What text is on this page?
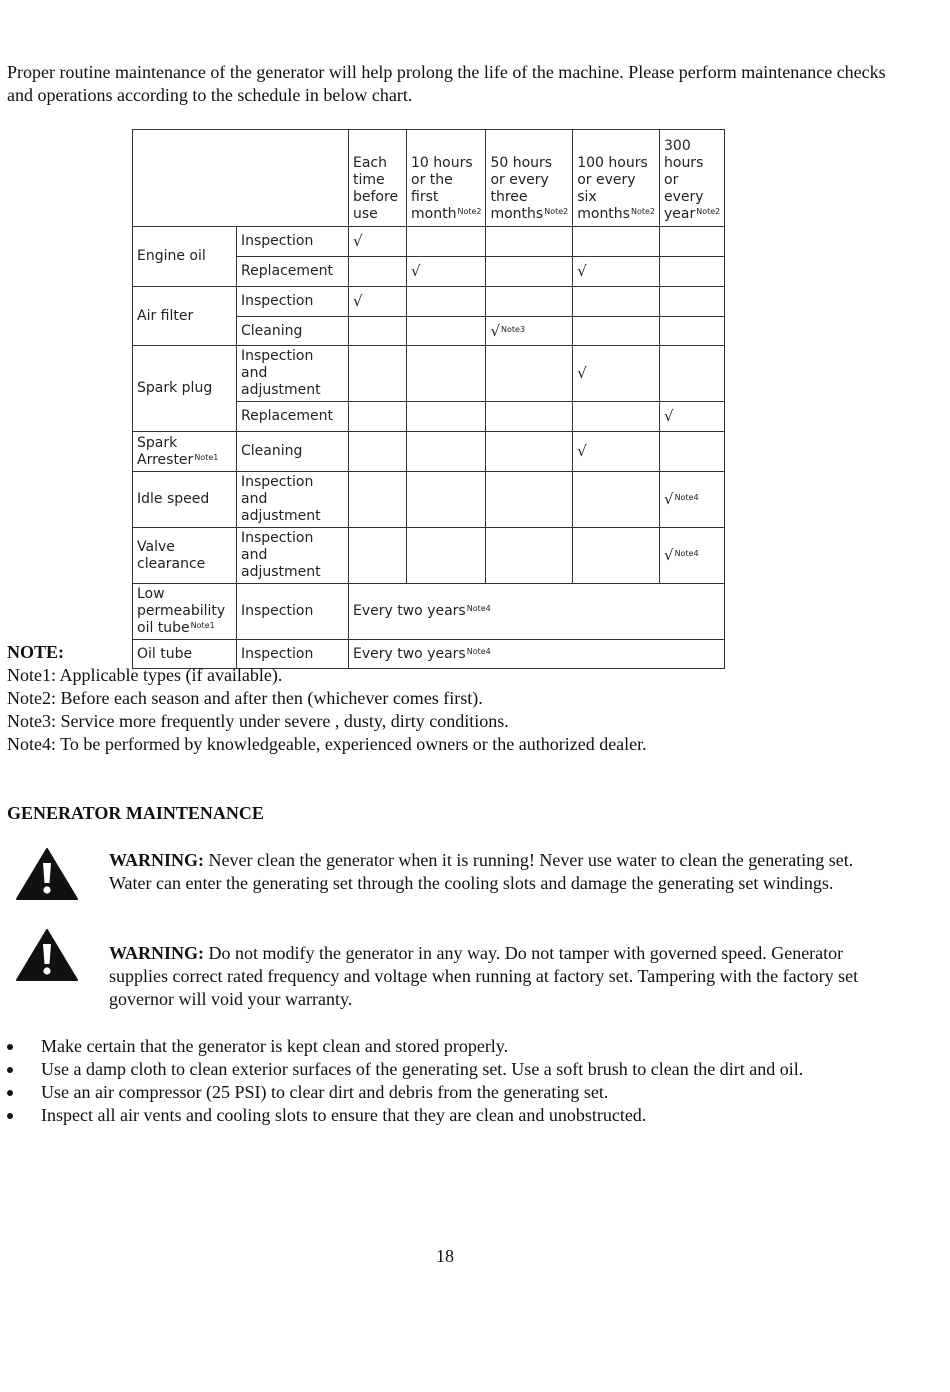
Proper routine maintenance of the generator will help prolong the life of the machine. Please perform maintenance checks and operations according to the schedule in below chart.
		Each time before use	10 hours or the first month$^{Note2}$	50 hours or every three months$^{Note2}$	100 hours or every six months$^{Note2}$	300 hours or every year$^{Note2}$
Engine oil	Inspection	√				
	Replacement		√		√	
Air filter	Inspection	√				
	Cleaning			√$^{Note3}$		
Spark plug	Inspection and adjustment				√	
	Replacement					√
Spark Arrester$^{Note1}$	Cleaning				√	
Idle speed	Inspection and adjustment					√$^{Note4}$
Valve clearance	Inspection and adjustment					√$^{Note4}$
Low permeability oil tube$^{Note1}$	Inspection	Every two years$^{Note4}$
Oil tube	Inspection	Every two years$^{Note4}$
NOTE:
Note1: Applicable types (if available).
Note2: Before each season and after then (whichever comes first).
Note3: Service more frequently under severe , dusty, dirty conditions.
Note4: To be performed by knowledgeable, experienced owners or the authorized dealer.
GENERATOR MAINTENANCE
WARNING: Never clean the generator when it is running! Never use water to clean the generating set. Water can enter the generating set through the cooling slots and damage the generating set windings.
WARNING: Do not modify the generator in any way. Do not tamper with governed speed. Generator supplies correct rated frequency and voltage when running at factory set. Tampering with the factory set governor will void your warranty.
Make certain that the generator is kept clean and stored properly.
Use a damp cloth to clean exterior surfaces of the generating set. Use a soft brush to clean the dirt and oil.
Use an air compressor (25 PSI) to clear dirt and debris from the generating set.
Inspect all air vents and cooling slots to ensure that they are clean and unobstructed.
18
